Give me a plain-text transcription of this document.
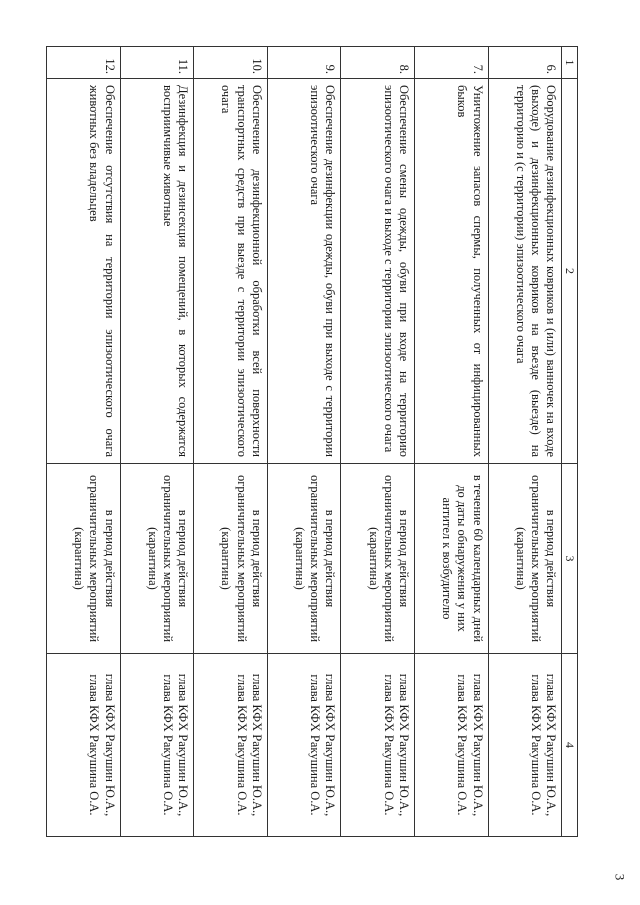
1	2	3	4
6.	Оборудование дезинфекционных ковриков и (или) ванночек на входе (выходе) и дезинфекционных ковриков на въезде (выезде) на территорию и (с территории) эпизоотического очага	в период действия ограничительных мероприятий (карантина)	глава КФХ Ракушин Ю.А., глава КФХ Ракушина О.А.
7.	Уничтожение запасов спермы, полученных от инфицированных быков	в течение 60 календарных дней до даты обнаружения у них антител к возбудителю	глава КФХ Ракушин Ю.А., глава КФХ Ракушина О.А.
8.	Обеспечение смены одежды, обуви при входе на территорию эпизоотического очага и выходе с территории эпизоотического очага	в период действия ограничительных мероприятий (карантина)	глава КФХ Ракушин Ю.А., глава КФХ Ракушина О.А.
9.	Обеспечение дезинфекции одежды, обуви при выходе с территории эпизоотического очага	в период действия ограничительных мероприятий (карантина)	глава КФХ Ракушин Ю.А., глава КФХ Ракушина О.А.
10.	Обеспечение дезинфекционной обработки всей поверхности транспортных средств при выезде с территории эпизоотического очага	в период действия ограничительных мероприятий (карантина)	глава КФХ Ракушин Ю.А., глава КФХ Ракушина О.А.
11.	Дезинфекция и дезинсекция помещений, в которых содержатся восприимчивые животные	в период действия ограничительных мероприятий (карантина)	глава КФХ Ракушин Ю.А., глава КФХ Ракушина О.А.
12.	Обеспечение отсутствия на территории эпизоотического очага животных без владельцев	в период действия ограничительных мероприятий (карантина)	глава КФХ Ракушин Ю.А., глава КФХ Ракушина О.А.
3
